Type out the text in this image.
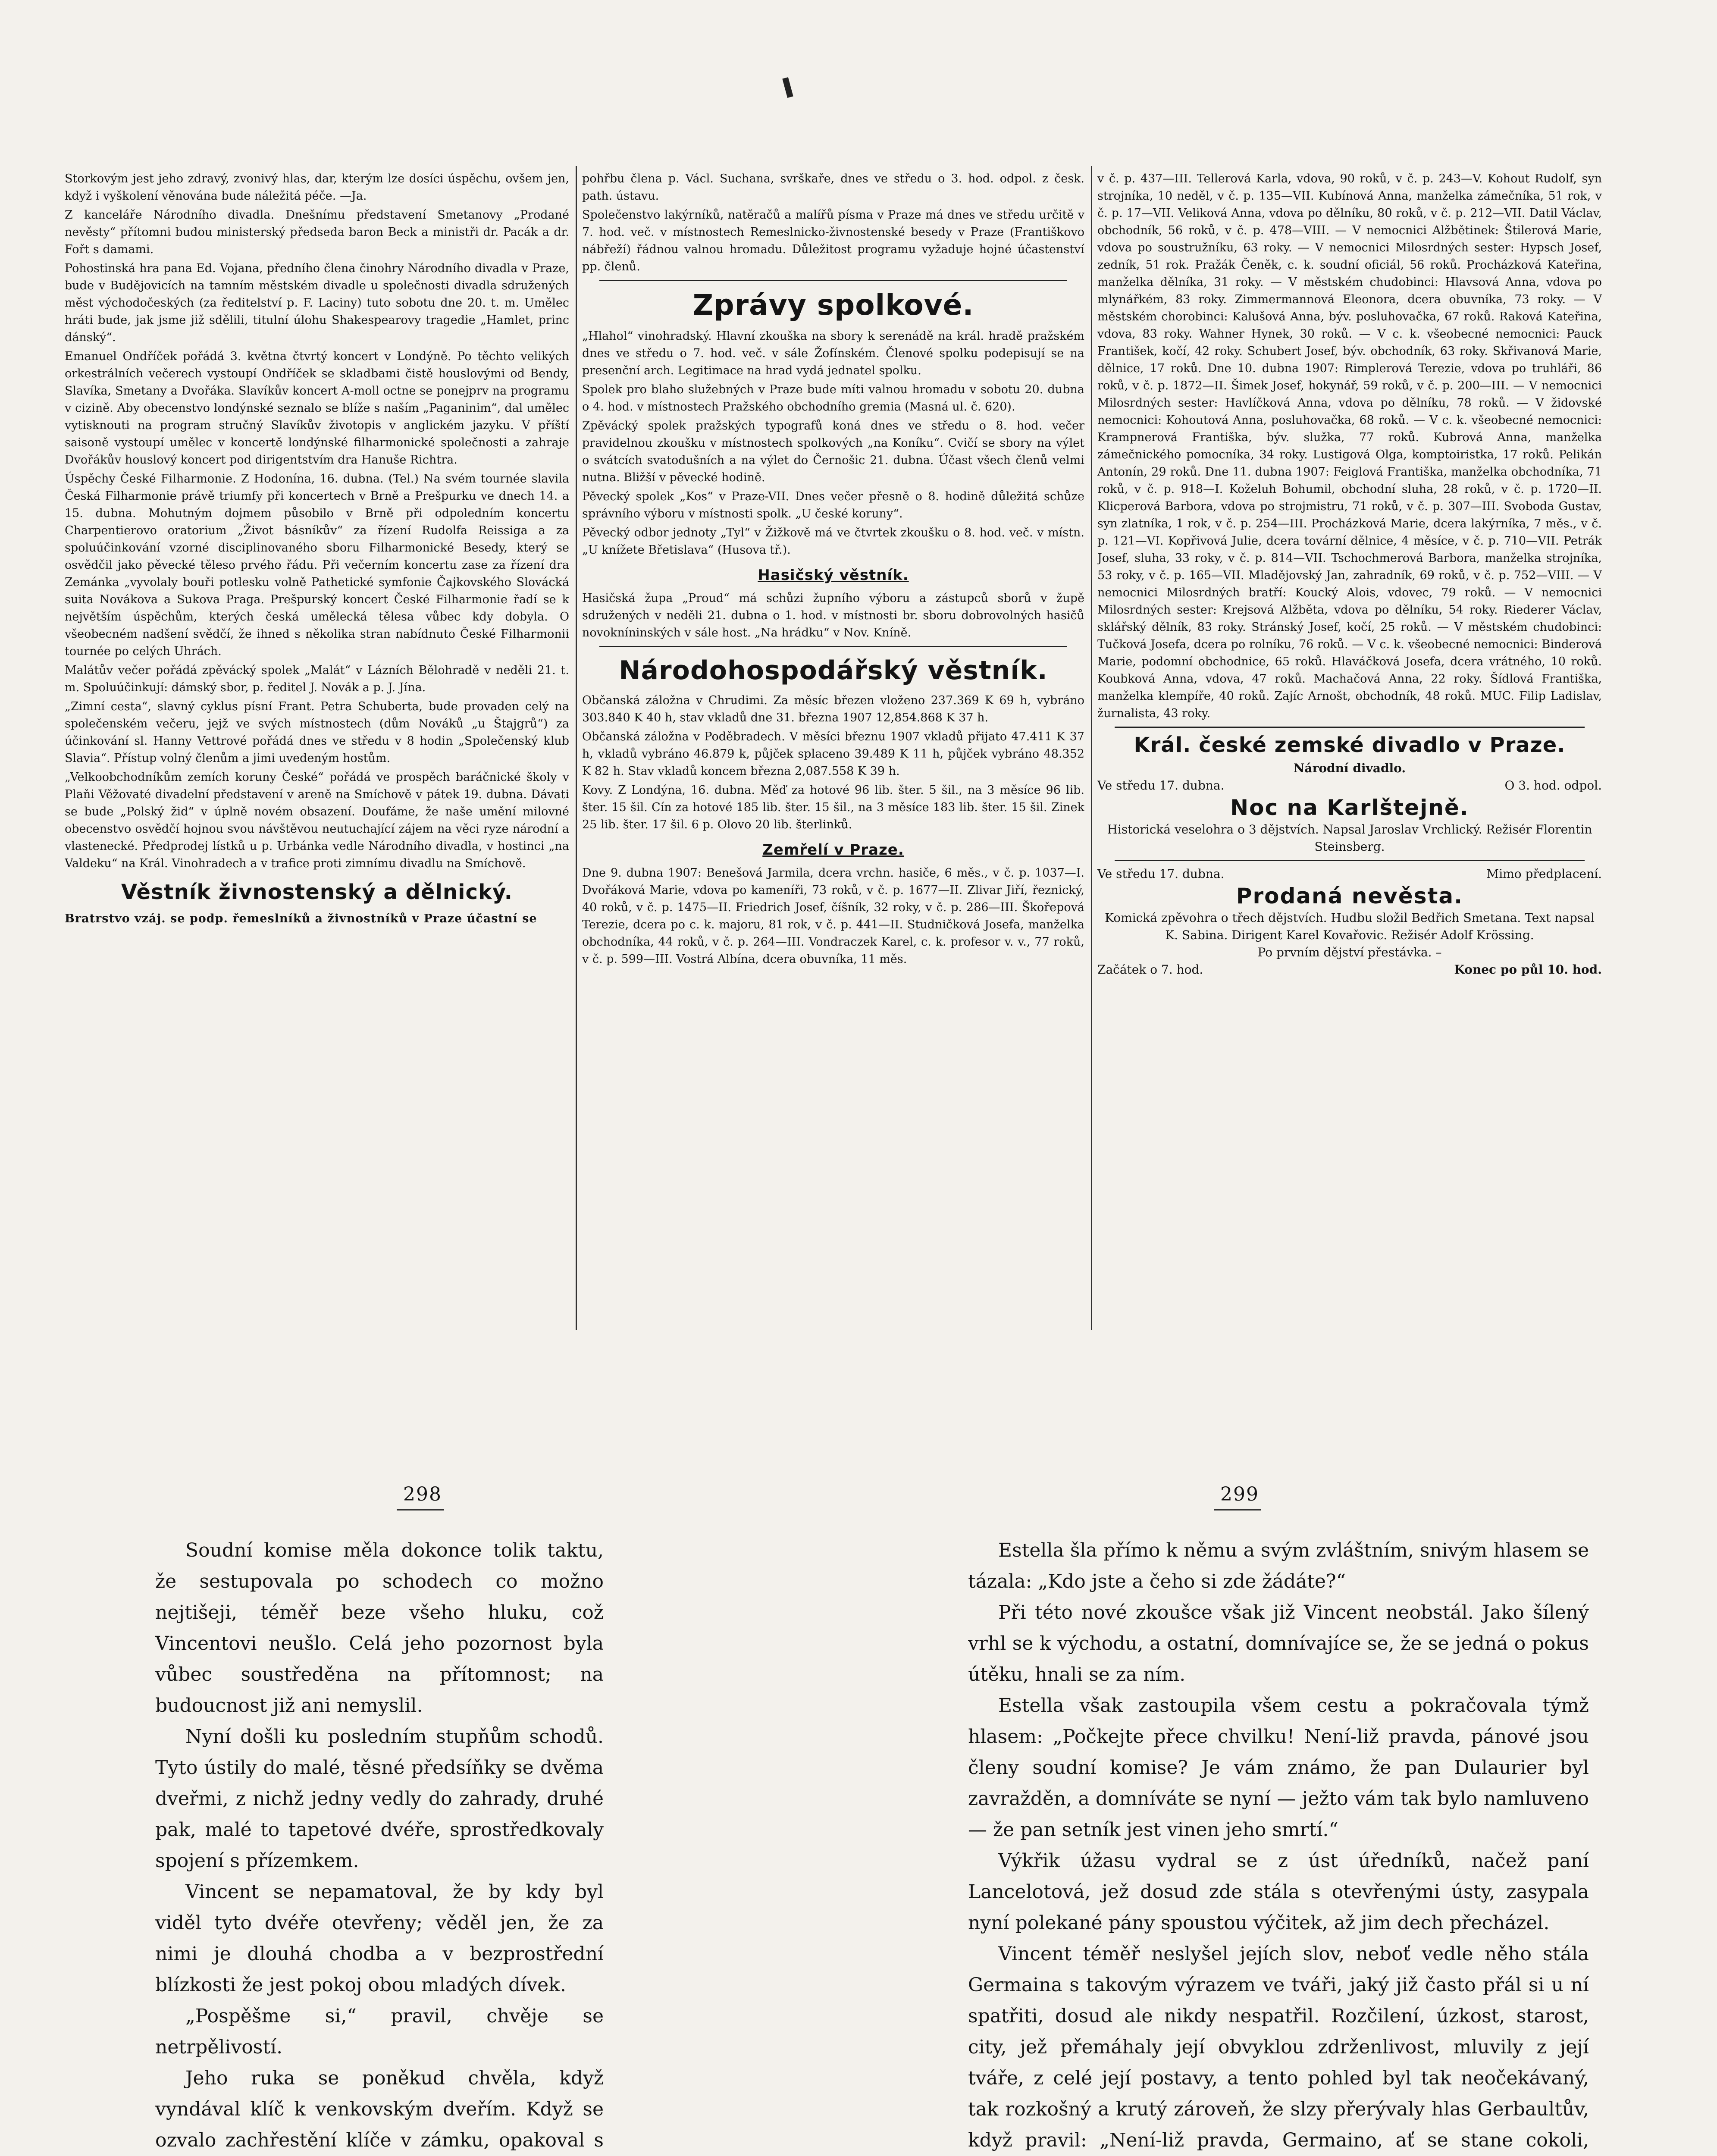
Storkovým jest jeho zdravý, zvonivý hlas, dar, kterým lze dosíci úspěchu, ovšem jen, když i vyškolení věnována bude náležitá péče. —Ja.

Z kanceláře Národního divadla. Dnešnímu představení Smetanovy „Prodané nevěsty“ přítomni budou ministerský předseda baron Beck a ministři dr. Pacák a dr. Fořt s damami.

Pohostinská hra pana Ed. Vojana, předního člena činohry Národního divadla v Praze, bude v Budějovicích na tamním městském divadle u společnosti divadla sdružených měst východočeských (za ředitelství p. F. Laciny) tuto sobotu dne 20. t. m. Umělec hráti bude, jak jsme již sdělili, titulní úlohu Shakespearovy tragedie „Hamlet, princ dánský“.

Emanuel Ondříček pořádá 3. května čtvrtý koncert v Londýně. Po těchto velikých orkestrálních večerech vystoupí Ondříček se skladbami čistě houslovými od Bendy, Slavíka, Smetany a Dvořáka. Slavíkův koncert A-moll octne se ponejprv na programu v cizině. Aby obecenstvo londýnské seznalo se blíže s naším „Paganinim“, dal umělec vytisknouti na program stručný Slavíkův životopis v anglickém jazyku. V příští saisoně vystoupí umělec v koncertě londýnské filharmonické společnosti a zahraje Dvořákův houslový koncert pod dirigentstvím dra Hanuše Richtra.

Úspěchy České Filharmonie. Z Hodonína, 16. dubna. (Tel.) Na svém tournée slavila Česká Filharmonie právě triumfy při koncertech v Brně a Prešpurku ve dnech 14. a 15. dubna. Mohutným dojmem působilo v Brně při odpoledním koncertu Charpentierovo oratorium „Život básníkův“ za řízení Rudolfa Reissiga a za spoluúčinkování vzorné disciplinovaného sboru Filharmonické Besedy, který se osvědčil jako pěvecké těleso prvého řádu. Při večerním koncertu zase za řízení dra Zemánka „vyvolaly bouři potlesku volně Pathetické symfonie Čajkovského Slovácká suita Novákova a Sukova Praga. Prešpurský koncert České Filharmonie řadí se k největším úspěchům, kterých česká umělecká tělesa vůbec kdy dobyla. O všeobecném nadšení svědčí, že ihned s několika stran nabídnuto České Filharmonii tournée po celých Uhrách.

Malátův večer pořádá zpěvácký spolek „Malát“ v Lázních Bělohradě v neděli 21. t. m. Spoluúčinkují: dámský sbor, p. ředitel J. Novák a p. J. Jína.

„Zimní cesta“, slavný cyklus písní Frant. Petra Schuberta, bude provaden celý na společenském večeru, jejž ve svých místnostech (dům Nováků „u Štajgrů“) za účinkování sl. Hanny Vettrové pořádá dnes ve středu v 8 hodin „Společenský klub Slavia“. Přístup volný členům a jimi uvedeným hostům.

„Velkoobchodníkům zemích koruny České“ pořádá ve prospěch baráčnické školy v Plaňi Věžovaté divadelní představení v areně na Smíchově v pátek 19. dubna. Dávati se bude „Polský žid“ v úplně novém obsazení. Doufáme, že naše umění milovné obecenstvo osvědčí hojnou svou návštěvou neutuchající zájem na věci ryze národní a vlastenecké. Předprodej lístků u p. Urbánka vedle Národního divadla, v hostinci „na Valdeku“ na Král. Vinohradech a v trafice proti zimnímu divadlu na Smíchově.

Věstník živnostenský a dělnický.

Bratrstvo vzáj. se podp. řemeslníků a živnostníků v Praze účastní se

pohřbu člena p. Václ. Suchana, svrškaře, dnes ve středu o 3. hod. odpol. z česk. path. ústavu.

Společenstvo lakýrníků, natěračů a malířů písma v Praze má dnes ve středu určitě v 7. hod. več. v místnostech Remeslnicko-živnostenské besedy v Praze (Františkovo nábřeží) řádnou valnou hromadu. Důležitost programu vyžaduje hojné účastenství pp. členů.

Zprávy spolkové.

„Hlahol“ vinohradský. Hlavní zkouška na sbory k serenádě na král. hradě pražském dnes ve středu o 7. hod. več. v sále Žofínském. Členové spolku podepisují se na presenční arch. Legitimace na hrad vydá jednatel spolku.

Spolek pro blaho služebných v Praze bude míti valnou hromadu v sobotu 20. dubna o 4. hod. v místnostech Pražského obchodního gremia (Masná ul. č. 620).

Zpěvácký spolek pražských typografů koná dnes ve středu o 8. hod. večer pravidelnou zkoušku v místnostech spolkových „na Koníku“. Cvičí se sbory na výlet o svátcích svatodušních a na výlet do Černošic 21. dubna. Účast všech členů velmi nutna. Bližší v pěvecké hodině.

Pěvecký spolek „Kos“ v Praze-VII. Dnes večer přesně o 8. hodině důležitá schůze správního výboru v místnosti spolk. „U české koruny“.

Pěvecký odbor jednoty „Tyl“ v Žižkově má ve čtvrtek zkoušku o 8. hod. več. v místn. „U knížete Břetislava“ (Husova tř.).

Hasičský věstník.

Hasičská župa „Proud“ má schůzi župního výboru a zástupců sborů v župě sdružených v neděli 21. dubna o 1. hod. v místnosti br. sboru dobrovolných hasičů novokníninských v sále host. „Na hrádku“ v Nov. Kníně.

Národohospodářský věstník.

Občanská záložna v Chrudimi. Za měsíc březen vloženo 237.369 K 69 h, vybráno 303.840 K 40 h, stav vkladů dne 31. března 1907 12,854.868 K 37 h.

Občanská záložna v Poděbradech. V měsíci březnu 1907 vkladů přijato 47.411 K 37 h, vkladů vybráno 46.879 k, půjček splaceno 39.489 K 11 h, půjček vybráno 48.352 K 82 h. Stav vkladů koncem března 2,087.558 K 39 h.

Kovy. Z Londýna, 16. dubna. Měď za hotové 96 lib. šter. 5 šil., na 3 měsíce 96 lib. šter. 15 šil. Cín za hotové 185 lib. šter. 15 šil., na 3 měsíce 183 lib. šter. 15 šil. Zinek 25 lib. šter. 17 šil. 6 p. Olovo 20 lib. šterlinků.

Zemřelí v Praze.

Dne 9. dubna 1907: Benešová Jarmila, dcera vrchn. hasiče, 6 měs., v č. p. 1037—I. Dvořáková Marie, vdova po kameníři, 73 roků, v č. p. 1677—II. Zlivar Jiří, řeznický, 40 roků, v č. p. 1475—II. Friedrich Josef, číšník, 32 roky, v č. p. 286—III. Škořepová Terezie, dcera po c. k. majoru, 81 rok, v č. p. 441—II. Studničková Josefa, manželka obchodníka, 44 roků, v č. p. 264—III. Vondraczek Karel, c. k. profesor v. v., 77 roků, v č. p. 599—III. Vostrá Albína, dcera obuvníka, 11 měs.

v č. p. 437—III. Tellerová Karla, vdova, 90 roků, v č. p. 243—V. Kohout Rudolf, syn strojníka, 10 neděl, v č. p. 135—VII. Kubínová Anna, manželka zámečníka, 51 rok, v č. p. 17—VII. Veliková Anna, vdova po dělníku, 80 roků, v č. p. 212—VII. Datil Václav, obchodník, 56 roků, v č. p. 478—VIII. — V nemocnici Alžbětinek: Štilerová Marie, vdova po soustružníku, 63 roky. — V nemocnici Milosrdných sester: Hypsch Josef, zedník, 51 rok. Pražák Čeněk, c. k. soudní oficiál, 56 roků. Procházková Kateřina, manželka dělníka, 31 roky. — V městském chudobinci: Hlavsová Anna, vdova po mlynářkém, 83 roky. Zimmermannová Eleonora, dcera obuvníka, 73 roky. — V městském chorobinci: Kalušová Anna, býv. posluhovačka, 67 roků. Raková Kateřina, vdova, 83 roky. Wahner Hynek, 30 roků. — V c. k. všeobecné nemocnici: Pauck František, kočí, 42 roky. Schubert Josef, býv. obchodník, 63 roky. Skřivanová Marie, dělnice, 17 roků. Dne 10. dubna 1907: Rimplerová Terezie, vdova po truhláři, 86 roků, v č. p. 1872—II. Šimek Josef, hokynář, 59 roků, v č. p. 200—III. — V nemocnici Milosrdných sester: Havlíčková Anna, vdova po dělníku, 78 roků. — V židovské nemocnici: Kohoutová Anna, posluhovačka, 68 roků. — V c. k. všeobecné nemocnici: Krampnerová Františka, býv. služka, 77 roků. Kubrová Anna, manželka zámečnického pomocníka, 34 roky. Lustigová Olga, komptoiristka, 17 roků. Pelikán Antonín, 29 roků. Dne 11. dubna 1907: Feiglová Františka, manželka obchodníka, 71 roků, v č. p. 918—I. Koželuh Bohumil, obchodní sluha, 28 roků, v č. p. 1720—II. Klicperová Barbora, vdova po strojmistru, 71 roků, v č. p. 307—III. Svoboda Gustav, syn zlatníka, 1 rok, v č. p. 254—III. Procházková Marie, dcera lakýrníka, 7 měs., v č. p. 121—VI. Kopřivová Julie, dcera tovární dělnice, 4 měsíce, v č. p. 710—VII. Petrák Josef, sluha, 33 roky, v č. p. 814—VII. Tschochmerová Barbora, manželka strojníka, 53 roky, v č. p. 165—VII. Mladějovský Jan, zahradník, 69 roků, v č. p. 752—VIII. — V nemocnici Milosrdných bratří: Koucký Alois, vdovec, 79 roků. — V nemocnici Milosrdných sester: Krejsová Alžběta, vdova po dělníku, 54 roky. Riederer Václav, sklářský dělník, 83 roky. Stránský Josef, kočí, 25 roků. — V městském chudobinci: Tučková Josefa, dcera po rolníku, 76 roků. — V c. k. všeobecné nemocnici: Binderová Marie, podomní obchodnice, 65 roků. Hlaváčková Josefa, dcera vrátného, 10 roků. Koubková Anna, vdova, 47 roků. Machačová Anna, 22 roky. Šídlová Františka, manželka klempíře, 40 roků. Zajíc Arnošt, obchodník, 48 roků. MUC. Filip Ladislav, žurnalista, 43 roky.

Král. české zemské divadlo v Praze.
Národní divadlo.
Ve středu 17. dubna.	O 3. hod. odpol.
Noc na Karlštejně.
Historická veselohra o 3 dějstvích. Napsal Jaroslav Vrchlický. Režisér Florentin Steinsberg.
Ve středu 17. dubna.	Mimo předplacení.
Prodaná nevěsta.
Komická zpěvohra o třech dějstvích. Hudbu složil Bedřich Smetana. Text napsal K. Sabina. Dirigent Karel Kovařovic. Režisér Adolf Krössing.
Po prvním dějství přestávka. –
Začátek o 7. hod.	Konec po půl 10. hod.
298	299

Soudní komise měla dokonce tolik taktu, že sestupovala po schodech co možno nejtišeji, téměř beze všeho hluku, což Vincentovi neušlo. Celá jeho pozornost byla vůbec soustředěna na přítomnost; na budoucnost již ani nemyslil.

Nyní došli ku posledním stupňům schodů. Tyto ústily do malé, těsné předsíňky se dvěma dveřmi, z nichž jedny vedly do zahrady, druhé pak, malé to tapetové dvéře, sprostředkovaly spojení s přízemkem.

Vincent se nepamatoval, že by kdy byl viděl tyto dvéře otevřeny; věděl jen, že za nimi je dlouhá chodba a v bezprostřední blízkosti že jest pokoj obou mladých dívek.

„Pospěšme si,“ pravil, chvěje se netrpělivostí.

Jeho ruka se poněkud chvěla, když vyndával klíč k venkovským dveřím. Když se ozvalo zachřestění klíče v zámku, opakoval s

Estella šla přímo k němu a svým zvláštním, snivým hlasem se tázala: „Kdo jste a čeho si zde žádáte?“

Při této nové zkoušce však již Vincent neobstál. Jako šílený vrhl se k východu, a ostatní, domnívajíce se, že se jedná o pokus útěku, hnali se za ním.

Estella však zastoupila všem cestu a pokračovala týmž hlasem: „Počkejte přece chvilku! Není-liž pravda, pánové jsou členy soudní komise? Je vám známo, že pan Dulaurier byl zavražděn, a domníváte se nyní — ježto vám tak bylo namluveno — že pan setník jest vinen jeho smrtí.“

Výkřik úžasu vydral se z úst úředníků, načež paní Lancelotová, jež dosud zde stála s otevřenými ústy, zasypala nyní polekané pány spoustou výčitek, až jim dech přecházel.

Vincent téměř neslyšel jejích slov, neboť vedle něho stála Germaina s takovým výrazem ve tváři, jaký již často přál si u ní spatřiti, dosud ale nikdy nespatřil. Rozčilení, úzkost, starost, city, jež přemáhaly její obvyklou zdrženlivost, mluvily z její tváře, z celé její postavy, a tento pohled byl tak neočekávaný, tak rozkošný a krutý zároveň, že slzy přerývaly hlas Gerbaultův, když pravil: „Není-liž pravda, Germaino, ať se stane cokoli,
